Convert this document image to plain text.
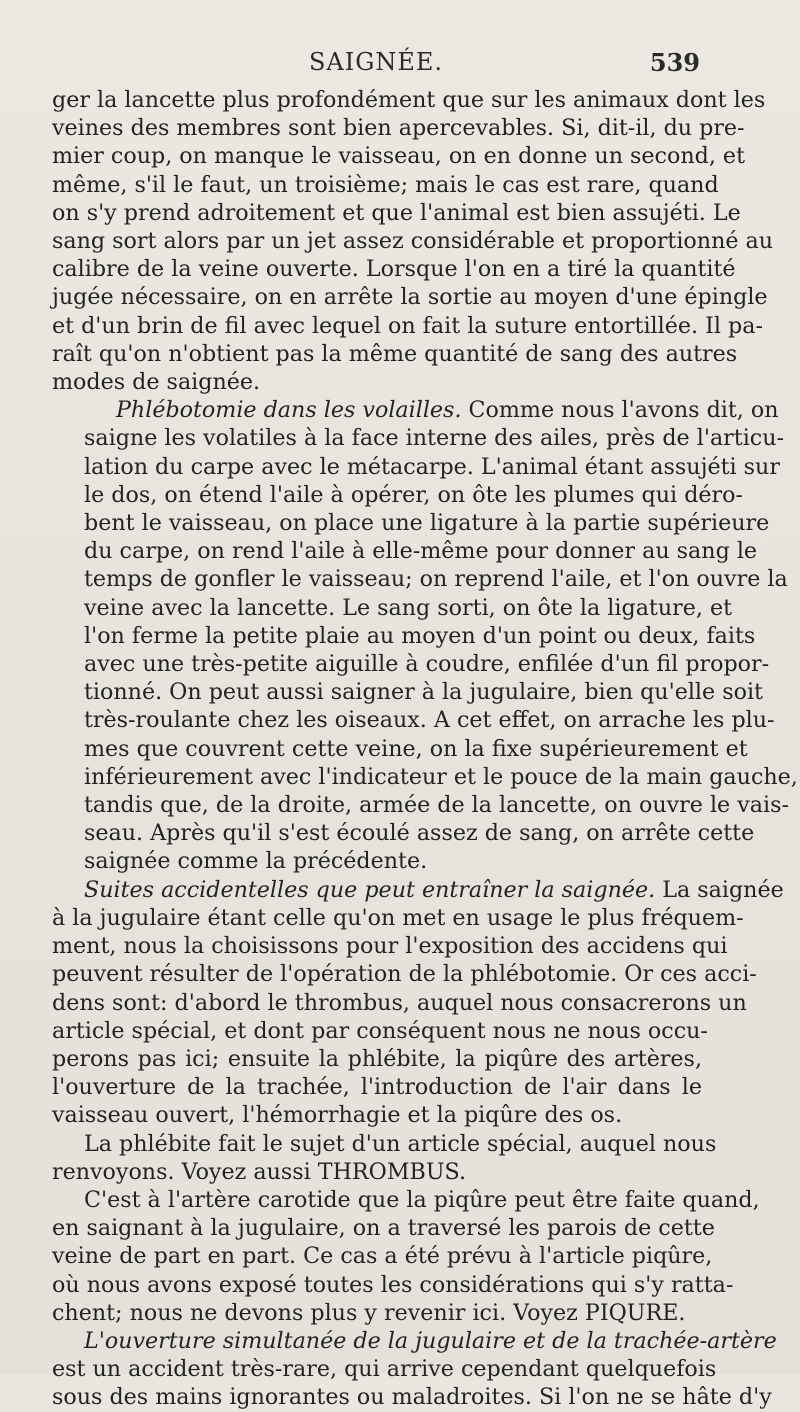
SAIGNÉE.	539

ger la lancette plus profondément que sur les animaux dont les
veines des membres sont bien apercevables. Si, dit-il, du pre-
mier coup, on manque le vaisseau, on en donne un second, et
même, s'il le faut, un troisième; mais le cas est rare, quand
on s'y prend adroitement et que l'animal est bien assujéti. Le
sang sort alors par un jet assez considérable et proportionné au
calibre de la veine ouverte. Lorsque l'on en a tiré la quantité
jugée nécessaire, on en arrête la sortie au moyen d'une épingle
et d'un brin de fil avec lequel on fait la suture entortillée. Il pa-
raît qu'on n'obtient pas la même quantité de sang des autres
modes de saignée.

Phlébotomie dans les volailles. Comme nous l'avons dit, on
saigne les volatiles à la face interne des ailes, près de l'articu-
lation du carpe avec le métacarpe. L'animal étant assujéti sur
le dos, on étend l'aile à opérer, on ôte les plumes qui déro-
bent le vaisseau, on place une ligature à la partie supérieure
du carpe, on rend l'aile à elle-même pour donner au sang le
temps de gonfler le vaisseau; on reprend l'aile, et l'on ouvre la
veine avec la lancette. Le sang sorti, on ôte la ligature, et
l'on ferme la petite plaie au moyen d'un point ou deux, faits
avec une très-petite aiguille à coudre, enfilée d'un fil propor-
tionné. On peut aussi saigner à la jugulaire, bien qu'elle soit
très-roulante chez les oiseaux. A cet effet, on arrache les plu-
mes que couvrent cette veine, on la fixe supérieurement et
inférieurement avec l'indicateur et le pouce de la main gauche,
tandis que, de la droite, armée de la lancette, on ouvre le vais-
seau. Après qu'il s'est écoulé assez de sang, on arrête cette
saignée comme la précédente.

Suites accidentelles que peut entraîner la saignée. La saignée
à la jugulaire étant celle qu'on met en usage le plus fréquem-
ment, nous la choisissons pour l'exposition des accidens qui
peuvent résulter de l'opération de la phlébotomie. Or ces acci-
dens sont: d'abord le thrombus, auquel nous consacrerons un
article spécial, et dont par conséquent nous ne nous occu-
perons pas ici; ensuite la phlébite, la piqûre des artères,
l'ouverture de la trachée, l'introduction de l'air dans le
vaisseau ouvert, l'hémorrhagie et la piqûre des os.

La phlébite fait le sujet d'un article spécial, auquel nous
renvoyons. Voyez aussi THROMBUS.

C'est à l'artère carotide que la piqûre peut être faite quand,
en saignant à la jugulaire, on a traversé les parois de cette
veine de part en part. Ce cas a été prévu à l'article piqûre,
où nous avons exposé toutes les considérations qui s'y ratta-
chent; nous ne devons plus y revenir ici. Voyez PIQURE.

L'ouverture simultanée de la jugulaire et de la trachée-artère
est un accident très-rare, qui arrive cependant quelquefois
sous des mains ignorantes ou maladroites. Si l'on ne se hâte d'y
